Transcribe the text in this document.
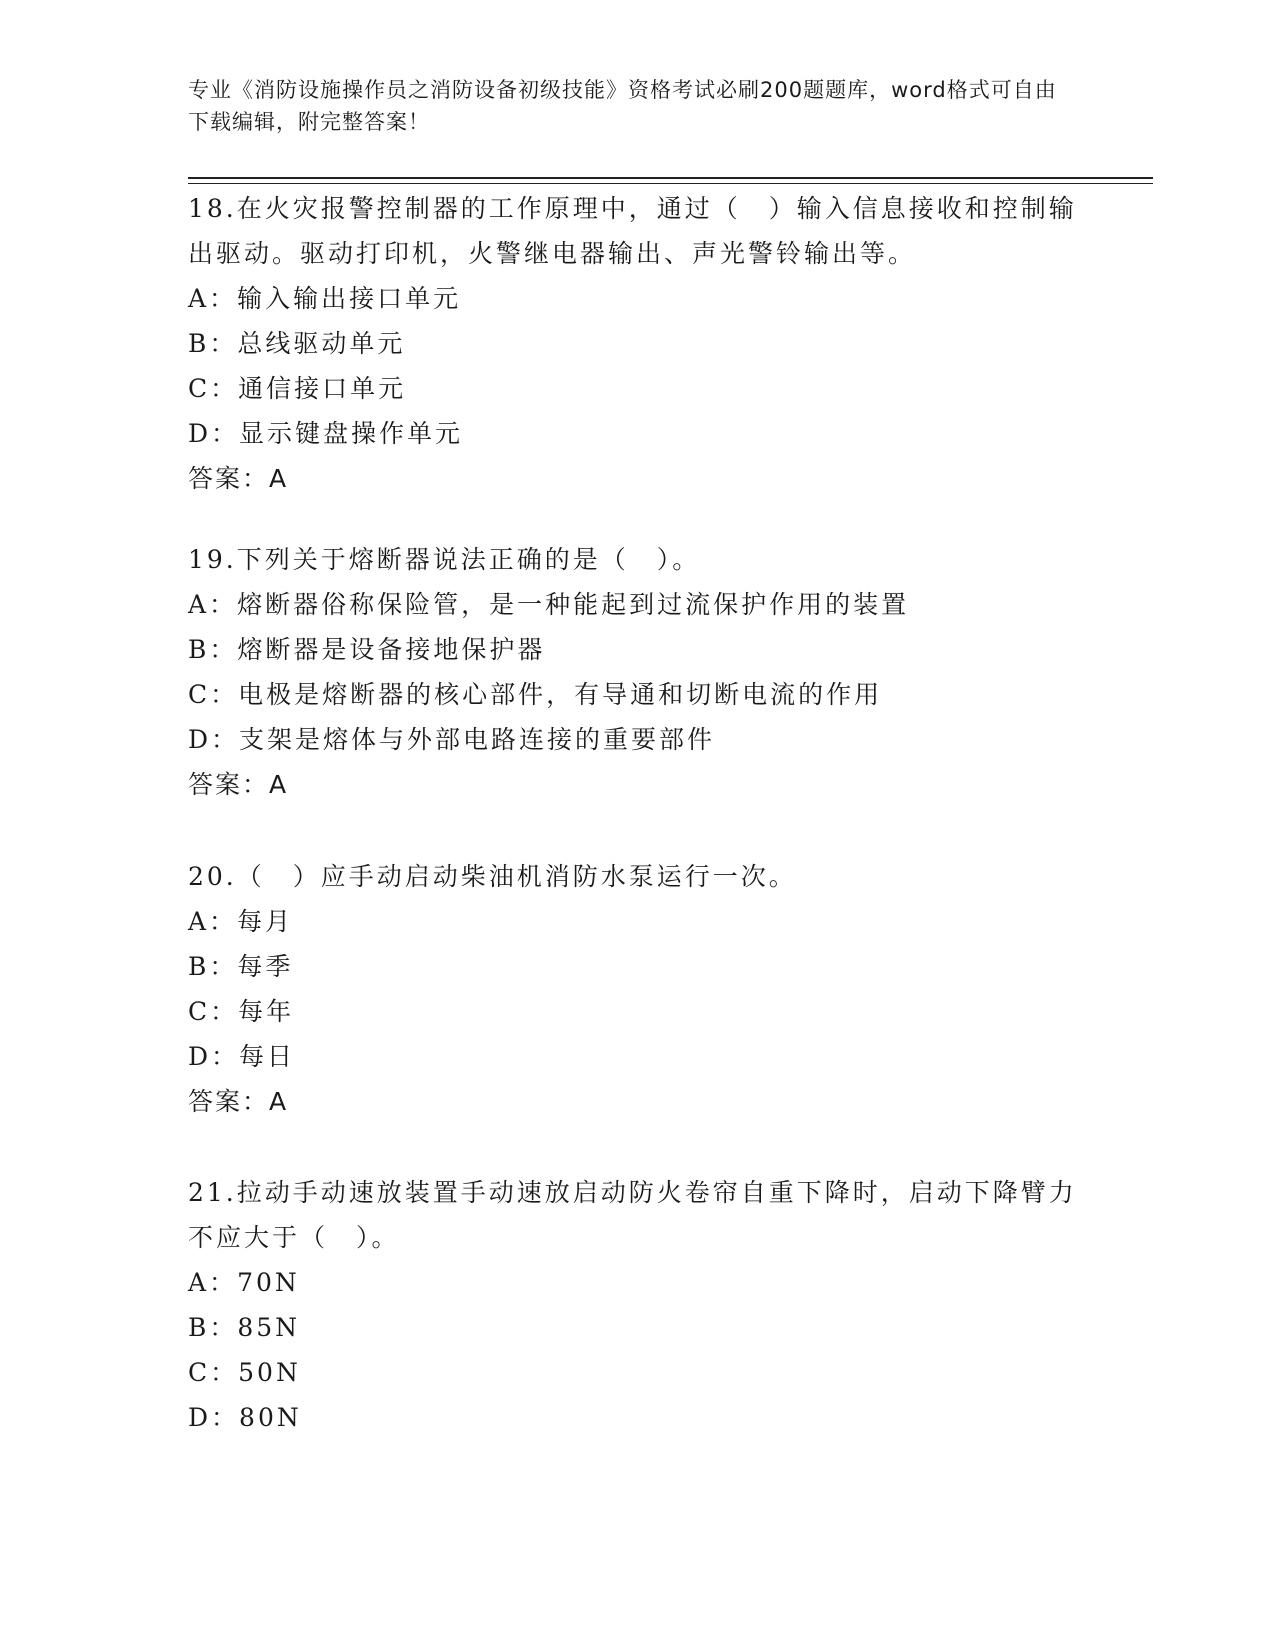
专业《消防设施操作员之消防设备初级技能》资格考试必刷200题题库，word格式可自由下载编辑，附完整答案！

18.在火灾报警控制器的工作原理中，通过（　）输入信息接收和控制输出驱动。驱动打印机，火警继电器输出、声光警铃输出等。

A：输入输出接口单元

B：总线驱动单元

C：通信接口单元

D：显示键盘操作单元

答案：A

19.下列关于熔断器说法正确的是（　）。

A：熔断器俗称保险管，是一种能起到过流保护作用的装置

B：熔断器是设备接地保护器

C：电极是熔断器的核心部件，有导通和切断电流的作用

D：支架是熔体与外部电路连接的重要部件

答案：A

20.（　）应手动启动柴油机消防水泵运行一次。

A：每月

B：每季

C：每年

D：每日

答案：A

21.拉动手动速放装置手动速放启动防火卷帘自重下降时，启动下降臂力不应大于（　）。

A：70N

B：85N

C：50N

D：80N
